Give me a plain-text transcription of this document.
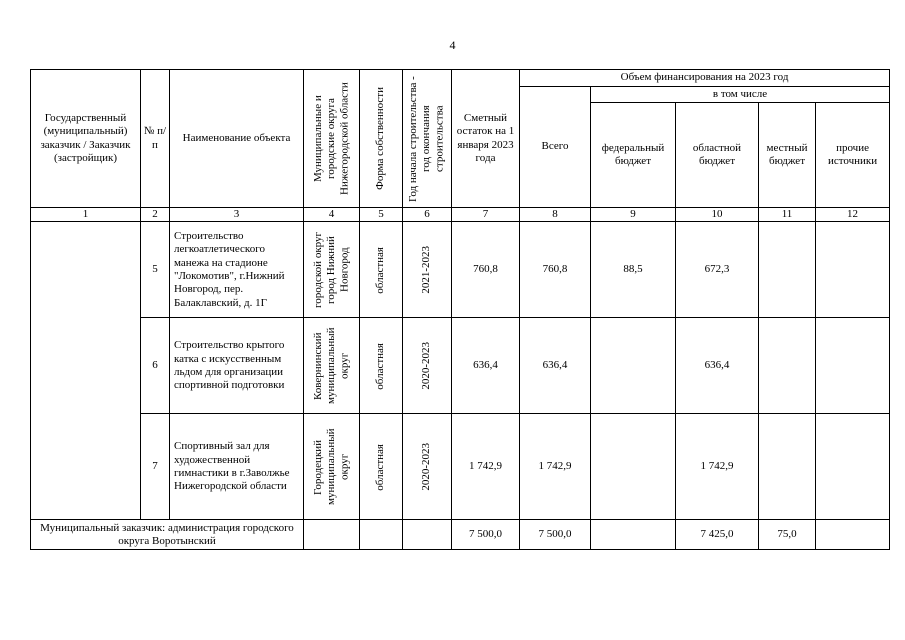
4
Государственный (муниципальный) заказчик / Заказчик (застройщик)	№ п/п	Наименование объекта	Муниципальные и городские округа Нижегородской области	Форма собственности	Год начала строительства - год окончания строительства	Сметный остаток на 1 января 2023 года	Объем финансирования на 2023 год				
							Всего	в том числе			
								федеральный бюджет	областной бюджет	местный бюджет	прочие источники
1	2	3	4	5	6	7	8	9	10	11	12
	5	Строительство легкоатлетического манежа на стадионе "Локомотив", г.Нижний Новгород, пер. Балаклавский, д. 1Г	городской округ город Нижний Новгород	областная	2021-2023	760,8	760,8	88,5	672,3		
	6	Строительство крытого катка с искусственным льдом для организации спортивной подготовки	Ковернинский муниципальный округ	областная	2020-2023	636,4	636,4		636,4		
	7	Спортивный зал для художественной гимнастики в г.Заволжье Нижегородской области	Городецкий муниципальный округ	областная	2020-2023	1 742,9	1 742,9		1 742,9		
Муниципальный заказчик: администрация городского округа Воротынский						7 500,0	7 500,0		7 425,0	75,0	
